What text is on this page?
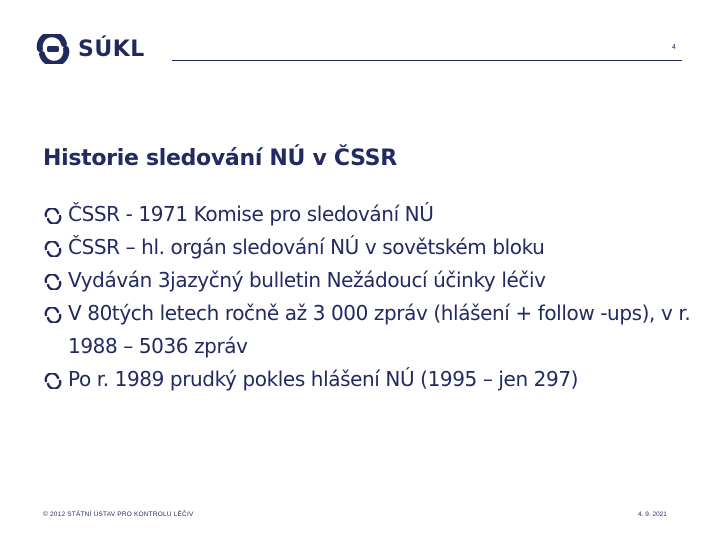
SÚKL	4
Historie sledování NÚ v ČSSR
ČSSR - 1971 Komise pro sledování NÚ
ČSSR – hl. orgán sledování NÚ v sovětském bloku
Vydáván 3jazyčný bulletin Nežádoucí účinky léčiv
V 80tých letech ročně až 3 000 zpráv (hlášení + follow -ups), v r. 1988 – 5036 zpráv
Po r. 1989 prudký pokles hlášení NÚ (1995 – jen 297)
© 2012 STÁTNÍ ÚSTAV PRO KONTROLU LÉČIV	4. 9. 2021
